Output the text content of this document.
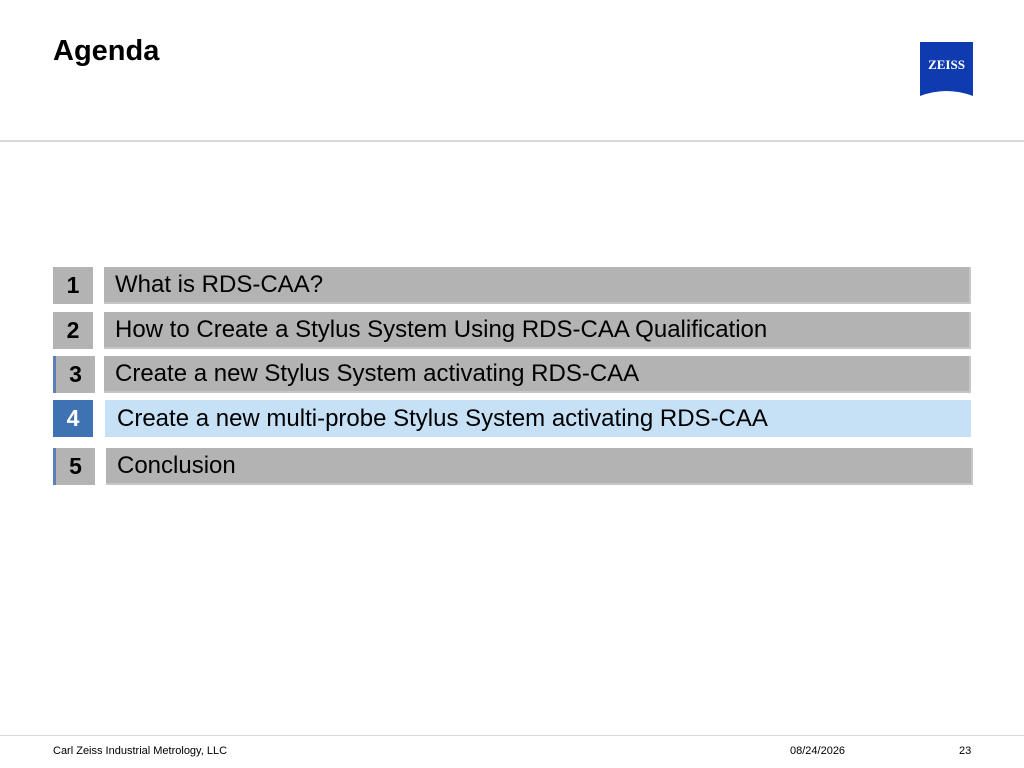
Agenda	ZEISS
1	What is RDS-CAA?
2	How to Create a Stylus System Using RDS-CAA Qualification
3	Create a new Stylus System activating RDS-CAA
4	Create a new multi-probe Stylus System activating RDS-CAA
5	Conclusion
Carl Zeiss Industrial Metrology, LLC	08/24/2026	23
